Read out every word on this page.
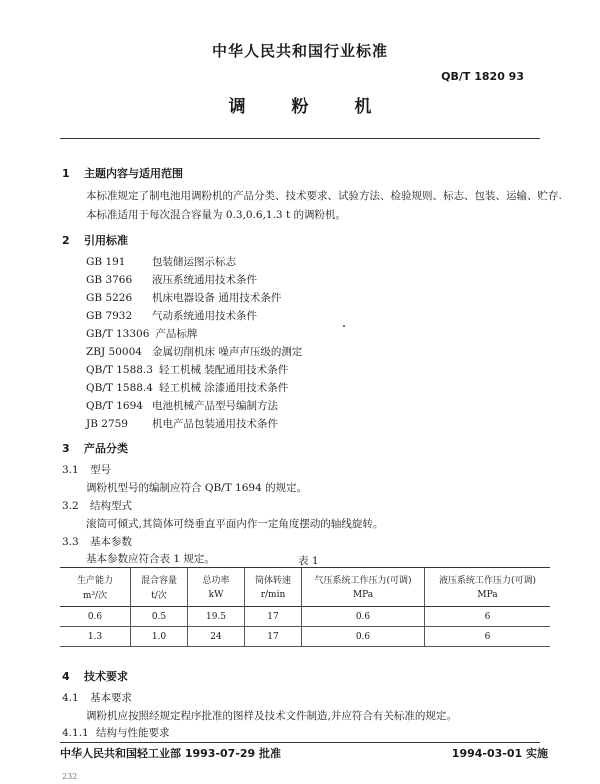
中华人民共和国行业标准
QB/T 1820 93
调	粉	机
1 主题内容与适用范围
本标准规定了制电池用调粉机的产品分类、技术要求、试验方法、检验规则、标志、包装、运输、贮存.
本标准适用于每次混合容量为 0.3,0.6,1.3 t 的调粉机。
2 引用标准
GB 191	包装储运图示标志
GB 3766 液压系统通用技术条件
GB 5226 机床电器设备 通用技术条件
GB 7932 气动系统通用技术条件
GB/T 13306 产品标牌
ZBJ 50004 金属切削机床 噪声声压级的测定
QB/T 1588.3 轻工机械 装配通用技术条件
QB/T 1588.4 轻工机械 涂漆通用技术条件
QB/T 1694 电池机械产品型号编制方法
JB 2759 机电产品包装通用技术条件
3 产品分类
3.1 型号
调粉机型号的编制应符合 QB/T 1694 的规定。
3.2 结构型式
滚筒可倾式,其筒体可绕垂直平面内作一定角度摆动的轴线旋转。
3.3 基本参数
基本参数应符合表 1 规定。	表 1
生产能力	混合容量	总功率	筒体转速	气压系统工作压力(可调)	液压系统工作压力(可调)
m³/次	t/次	kW	r/min	MPa	MPa
0.6	0.5	19.5	17	0.6	6
1.3	1.0	24	17	0.6	6
4 技术要求
4.1 基本要求
调粉机应按照经规定程序批准的图样及技术文件制造,并应符合有关标准的规定。
4.1.1 结构与性能要求
中华人民共和国轻工业部 1993-07-29 批准	1994-03-01 实施
232
